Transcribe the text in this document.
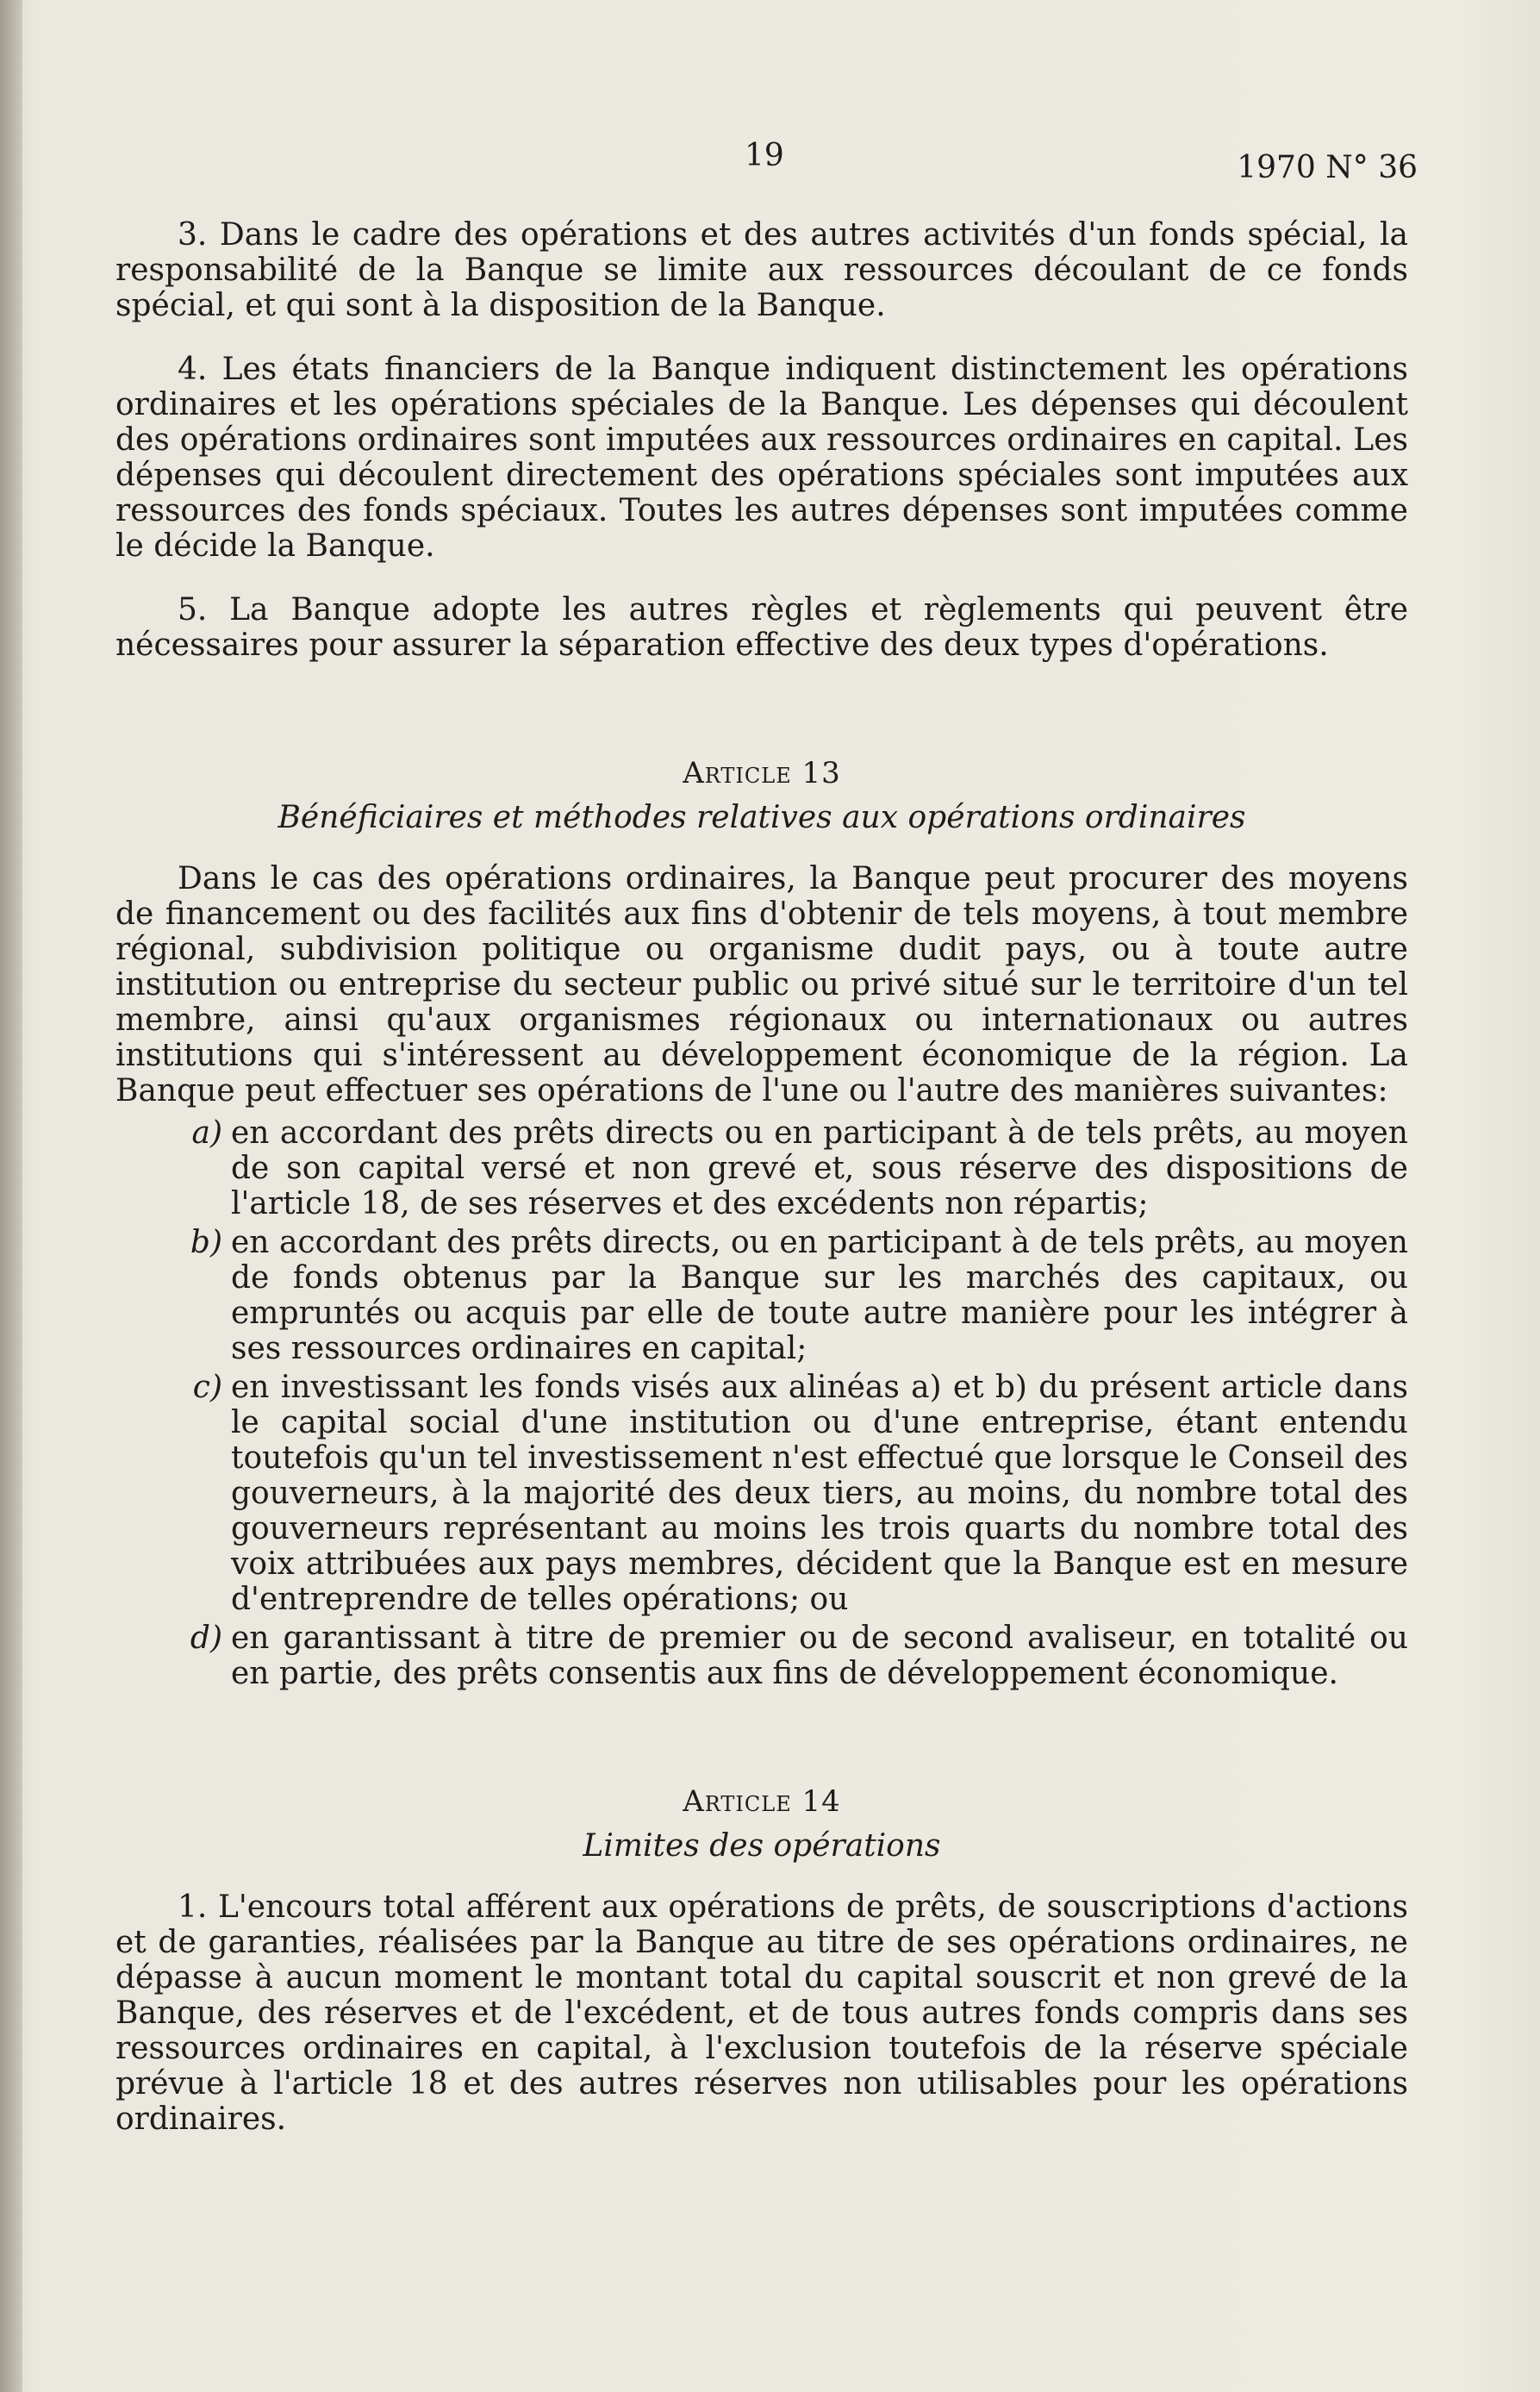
19	1970 N° 36

3. Dans le cadre des opérations et des autres activités d'un fonds spécial, la responsabilité de la Banque se limite aux ressources découlant de ce fonds spécial, et qui sont à la disposition de la Banque.

4. Les états financiers de la Banque indiquent distinctement les opérations ordinaires et les opérations spéciales de la Banque. Les dépenses qui découlent des opérations ordinaires sont imputées aux ressources ordinaires en capital. Les dépenses qui découlent directement des opérations spéciales sont imputées aux ressources des fonds spéciaux. Toutes les autres dépenses sont imputées comme le décide la Banque.

5. La Banque adopte les autres règles et règlements qui peuvent être nécessaires pour assurer la séparation effective des deux types d'opérations.

Article 13
Bénéficiaires et méthodes relatives aux opérations ordinaires

Dans le cas des opérations ordinaires, la Banque peut procurer des moyens de financement ou des facilités aux fins d'obtenir de tels moyens, à tout membre régional, subdivision politique ou organisme dudit pays, ou à toute autre institution ou entreprise du secteur public ou privé situé sur le territoire d'un tel membre, ainsi qu'aux organismes régionaux ou internationaux ou autres institutions qui s'intéressent au développement économique de la région. La Banque peut effectuer ses opérations de l'une ou l'autre des manières suivantes:

a) en accordant des prêts directs ou en participant à de tels prêts, au moyen de son capital versé et non grevé et, sous réserve des dispositions de l'article 18, de ses réserves et des excédents non répartis;
b) en accordant des prêts directs, ou en participant à de tels prêts, au moyen de fonds obtenus par la Banque sur les marchés des capitaux, ou empruntés ou acquis par elle de toute autre manière pour les intégrer à ses ressources ordinaires en capital;
c) en investissant les fonds visés aux alinéas a) et b) du présent article dans le capital social d'une institution ou d'une entreprise, étant entendu toutefois qu'un tel investissement n'est effectué que lorsque le Conseil des gouverneurs, à la majorité des deux tiers, au moins, du nombre total des gouverneurs représentant au moins les trois quarts du nombre total des voix attribuées aux pays membres, décident que la Banque est en mesure d'entreprendre de telles opérations; ou
d) en garantissant à titre de premier ou de second avaliseur, en totalité ou en partie, des prêts consentis aux fins de développement économique.
Article 14
Limites des opérations

1. L'encours total afférent aux opérations de prêts, de souscriptions d'actions et de garanties, réalisées par la Banque au titre de ses opérations ordinaires, ne dépasse à aucun moment le montant total du capital souscrit et non grevé de la Banque, des réserves et de l'excédent, et de tous autres fonds compris dans ses ressources ordinaires en capital, à l'exclusion toutefois de la réserve spéciale prévue à l'article 18 et des autres réserves non utilisables pour les opérations ordinaires.
